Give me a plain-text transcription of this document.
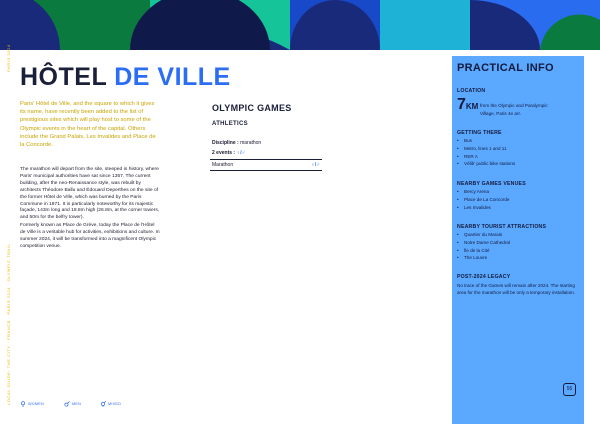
PARIS 2024
LOCAL GUIDE: THE CITY · FRANCE · PARIS 2024 · OLYMPIC TRAIL
HÔTEL DE VILLE
Paris' Hôtel de Ville, and the square to which it gives its name, have recently been added to the list of prestigious sites which will play host to some of the Olympic events in the heart of the capital. Others include the Grand Palais, Les Invalides and Place de la Concorde.

The marathon will depart from the site, steeped in history, where Paris' municipal authorities have sat since 1357. The current building, after the neo-Renaissance style, was rebuilt by architects Théodore Ballu and Édouard Deperthes on the site of the former Hôtel de Ville, which was burned by the Paris Commune in 1871. It is particularly noteworthy for its majestic façade, 143m long and 18.8m high (26.8m, at the corner towers, and 50m for the belfry tower).

Formerly known as Place de Grève, today the Place de l'Hôtel de Ville is a veritable hub for activities, exhibitions and culture. In summer 2024, it will be transformed into a magnificent Olympic competition venue.

OLYMPIC GAMES
ATHLETICS
Discipline : marathon
2 events : ♀/♂
Marathon	♀/♂
PRACTICAL INFO
LOCATION
7KM from the Olympic and Paralympic
Village, Paris 4e arr.
GETTING THERE
• Bus
• Metro, lines 1 and 11
• RER A
• Vélib' public bike stations
NEARBY GAMES VENUES
• Bercy Arena
• Place de La Concorde
• Les Invalides
NEARBY TOURIST ATTRACTIONS
• Quartier du Marais
• Notre Dame Cathedral
• Île de la Cité
• The Louvre
POST-2024 LEGACY
No trace of the Games will remain after 2024. The starting area for the marathon will be only a temporary installation.
55
WOMEN	MEN	MIXED
